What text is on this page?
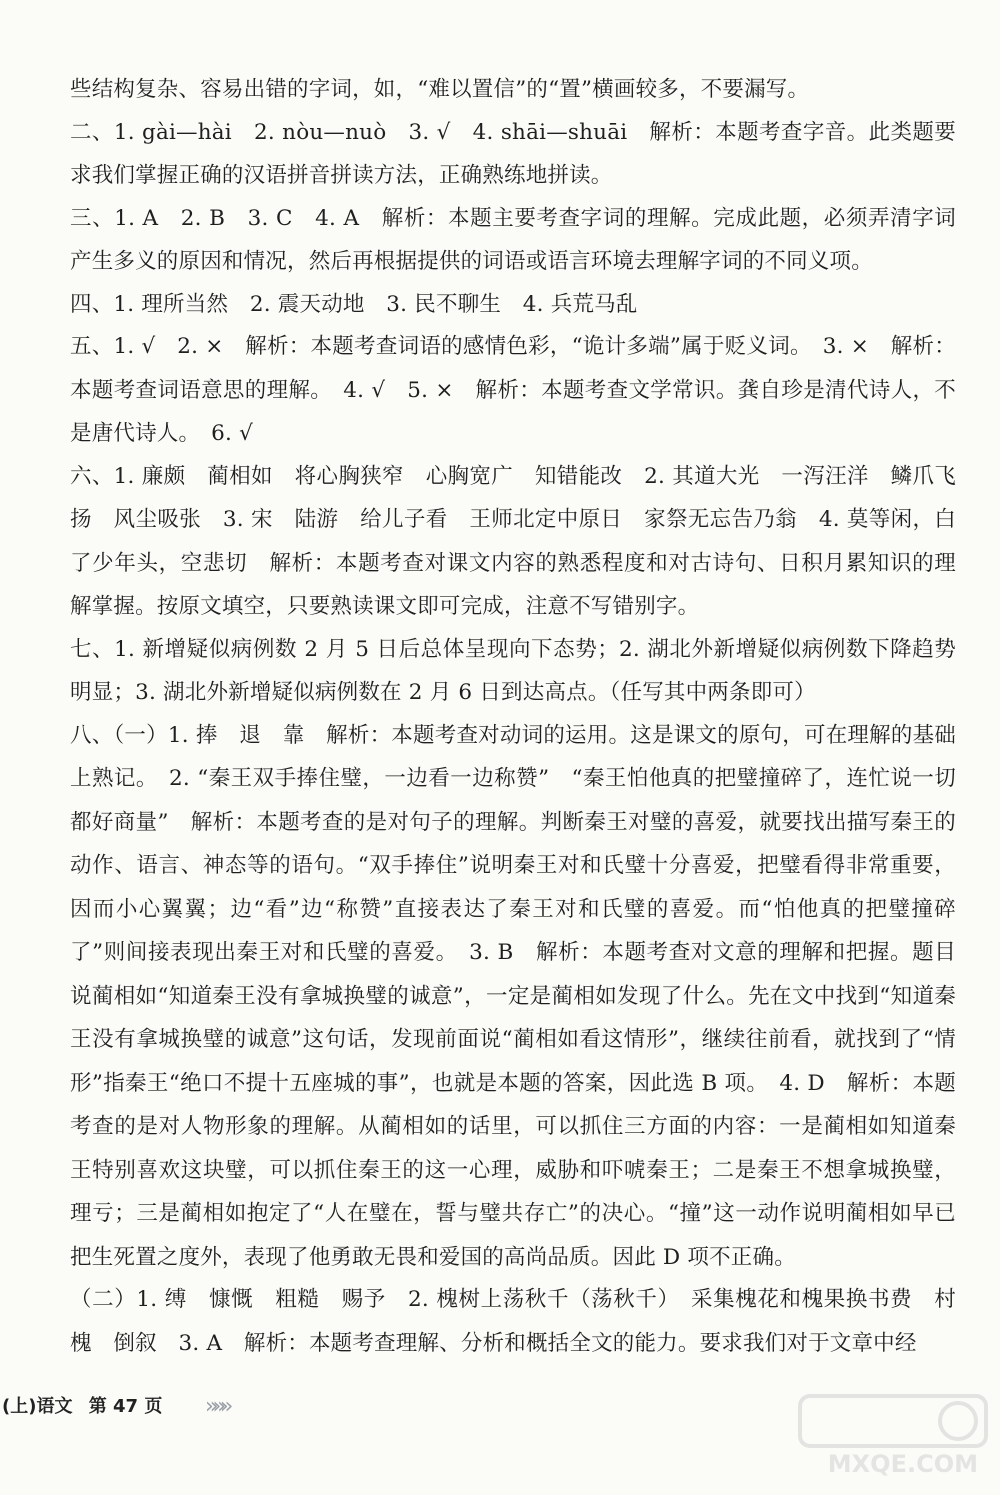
些结构复杂、容易出错的字词，如，“难以置信”的“置”横画较多，不要漏写。

二、1. gài—hài　2. nòu—nuò　3. √　4. shāi—shuāi　解析：本题考查字音。此类题要求我们掌握正确的汉语拼音拼读方法，正确熟练地拼读。

三、1. A　2. B　3. C　4. A　解析：本题主要考查字词的理解。完成此题，必须弄清字词产生多义的原因和情况，然后再根据提供的词语或语言环境去理解字词的不同义项。

四、1. 理所当然　2. 震天动地　3. 民不聊生　4. 兵荒马乱

五、1. √　2. ×　解析：本题考查词语的感情色彩，“诡计多端”属于贬义词。　3. ×　解析：本题考查词语意思的理解。　4. √　5. ×　解析：本题考查文学常识。龚自珍是清代诗人，不是唐代诗人。　6. √

六、1. 廉颇　蔺相如　将心胸狭窄　心胸宽广　知错能改　2. 其道大光　一泻汪洋　鳞爪飞扬　风尘吸张　3. 宋　陆游　给儿子看　王师北定中原日　家祭无忘告乃翁　4. 莫等闲，白了少年头，空悲切　解析：本题考查对课文内容的熟悉程度和对古诗句、日积月累知识的理解掌握。按原文填空，只要熟读课文即可完成，注意不写错别字。

七、1. 新增疑似病例数 2 月 5 日后总体呈现向下态势；2. 湖北外新增疑似病例数下降趋势明显；3. 湖北外新增疑似病例数在 2 月 6 日到达高点。（任写其中两条即可）

八、（一）1. 捧　退　靠　解析：本题考查对动词的运用。这是课文的原句，可在理解的基础上熟记。　2. “秦王双手捧住璧，一边看一边称赞”　“秦王怕他真的把璧撞碎了，连忙说一切都好商量”　解析：本题考查的是对句子的理解。判断秦王对璧的喜爱，就要找出描写秦王的动作、语言、神态等的语句。“双手捧住”说明秦王对和氏璧十分喜爱，把璧看得非常重要，因而小心翼翼；边“看”边“称赞”直接表达了秦王对和氏璧的喜爱。而“怕他真的把璧撞碎了”则间接表现出秦王对和氏璧的喜爱。　3. B　解析：本题考查对文意的理解和把握。题目说蔺相如“知道秦王没有拿城换璧的诚意”，一定是蔺相如发现了什么。先在文中找到“知道秦王没有拿城换璧的诚意”这句话，发现前面说“蔺相如看这情形”，继续往前看，就找到了“情形”指秦王“绝口不提十五座城的事”，也就是本题的答案，因此选 B 项。　4. D　解析：本题考查的是对人物形象的理解。从蔺相如的话里，可以抓住三方面的内容：一是蔺相如知道秦王特别喜欢这块璧，可以抓住秦王的这一心理，威胁和吓唬秦王；二是秦王不想拿城换璧，理亏；三是蔺相如抱定了“人在璧在，誓与璧共存亡”的决心。“撞”这一动作说明蔺相如早已把生死置之度外，表现了他勇敢无畏和爱国的高尚品质。因此 D 项不正确。

（二）1. 缚　慷慨　粗糙　赐予　2. 槐树上荡秋千（荡秋千）　采集槐花和槐果换书费　村槐　倒叙　3. A　解析：本题考查理解、分析和概括全文的能力。要求我们对于文章中经

(上)语文 第 47 页	»»»
MXQE.COM
